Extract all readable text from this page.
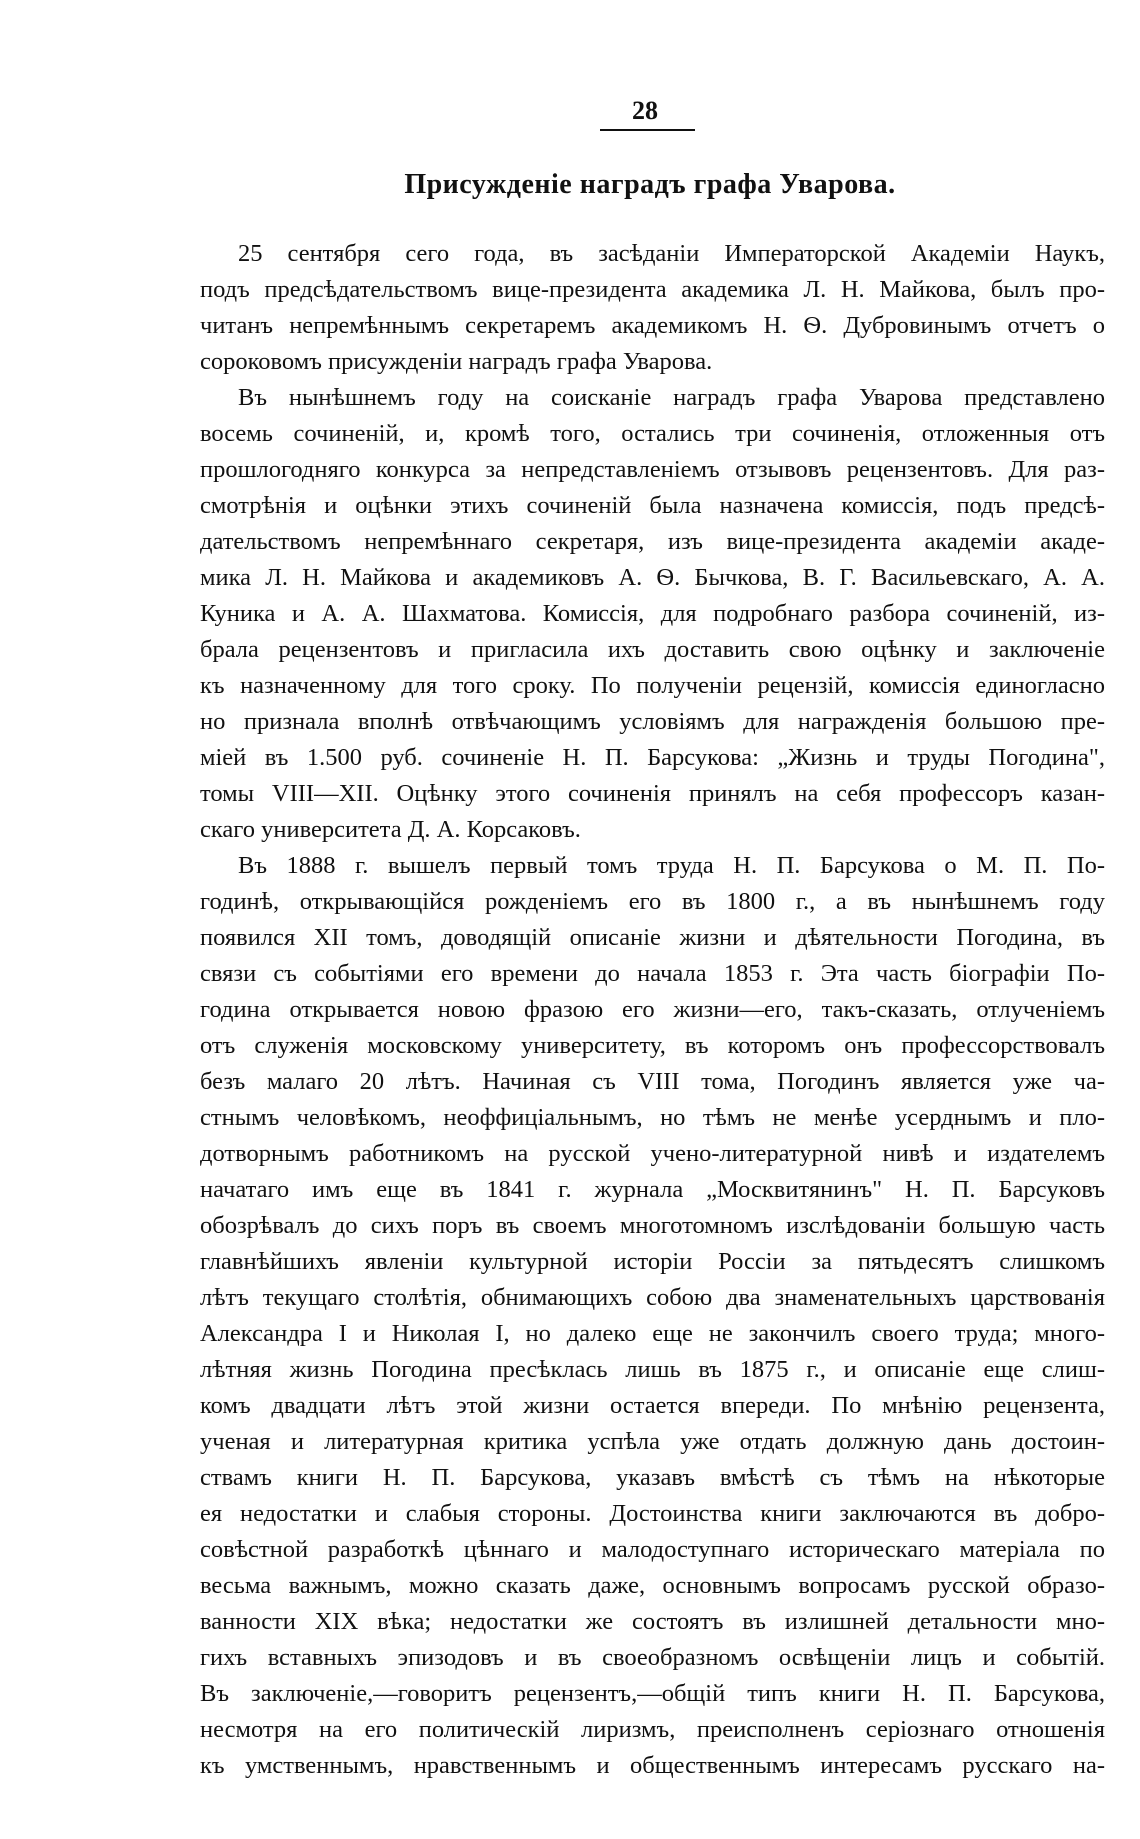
28
Присужденіе наградъ графа Уварова.
25 сентября сего года, въ засѣданіи Императорской Академіи Наукъ,
подъ предсѣдательствомъ вице-президента академика Л. Н. Майкова, былъ про-
читанъ непремѣннымъ секретаремъ академикомъ Н. Ѳ. Дубровинымъ отчетъ о
сороковомъ присужденіи наградъ графа Уварова.
Въ нынѣшнемъ году на соисканіе наградъ графа Уварова представлено
восемь сочиненій, и, кромѣ того, остались три сочиненія, отложенныя отъ
прошлогодняго конкурса за непредставленіемъ отзывовъ рецензентовъ. Для раз-
смотрѣнія и оцѣнки этихъ сочиненій была назначена комиссія, подъ предсѣ-
дательствомъ непремѣннаго секретаря, изъ вице-президента академіи акаде-
мика Л. Н. Майкова и академиковъ А. Ѳ. Бычкова, В. Г. Васильевскаго, А. А.
Куника и А. А. Шахматова. Комиссія, для подробнаго разбора сочиненій, из-
брала рецензентовъ и пригласила ихъ доставить свою оцѣнку и заключеніе
къ назначенному для того сроку. По полученіи рецензій, комиссія единогласно
но признала вполнѣ отвѣчающимъ условіямъ для награжденія большою пре-
міей въ 1.500 руб. сочиненіе Н. П. Барсукова: „Жизнь и труды Погодина",
томы VIII—XII. Оцѣнку этого сочиненія принялъ на себя профессоръ казан-
скаго университета Д. А. Корсаковъ.
Въ 1888 г. вышелъ первый томъ труда Н. П. Барсукова о М. П. По-
годинѣ, открывающійся рожденіемъ его въ 1800 г., а въ нынѣшнемъ году
появился XII томъ, доводящій описаніе жизни и дѣятельности Погодина, въ
связи съ событіями его времени до начала 1853 г. Эта часть біографіи По-
година открывается новою фразою его жизни—его, такъ-сказать, отлученіемъ
отъ служенія московскому университету, въ которомъ онъ профессорствовалъ
безъ малаго 20 лѣтъ. Начиная съ VIII тома, Погодинъ является уже ча-
стнымъ человѣкомъ, неоффиціальнымъ, но тѣмъ не менѣе усерднымъ и пло-
дотворнымъ работникомъ на русской учено-литературной нивѣ и издателемъ
начатаго имъ еще въ 1841 г. журнала „Москвитянинъ" Н. П. Барсуковъ
обозрѣвалъ до сихъ поръ въ своемъ многотомномъ изслѣдованіи большую часть
главнѣйшихъ явленіи культурной исторіи Россіи за пятьдесятъ слишкомъ
лѣтъ текущаго столѣтія, обнимающихъ собою два знаменательныхъ царствованія
Александра I и Николая I, но далеко еще не закончилъ своего труда; много-
лѣтняя жизнь Погодина пресѣклась лишь въ 1875 г., и описаніе еще слиш-
комъ двадцати лѣтъ этой жизни остается впереди. По мнѣнію рецензента,
ученая и литературная критика успѣла уже отдать должную дань достоин-
ствамъ книги Н. П. Барсукова, указавъ вмѣстѣ съ тѣмъ на нѣкоторые
ея недостатки и слабыя стороны. Достоинства книги заключаются въ добро-
совѣстной разработкѣ цѣннаго и малодоступнаго историческаго матеріала по
весьма важнымъ, можно сказать даже, основнымъ вопросамъ русской образо-
ванности XIX вѣка; недостатки же состоятъ въ излишней детальности мно-
гихъ вставныхъ эпизодовъ и въ своеобразномъ освѣщеніи лицъ и событій.
Въ заключеніе,—говоритъ рецензентъ,—общій типъ книги Н. П. Барсукова,
несмотря на его политическій лиризмъ, преисполненъ серіознаго отношенія
къ умственнымъ, нравственнымъ и общественнымъ интересамъ русскаго на-
